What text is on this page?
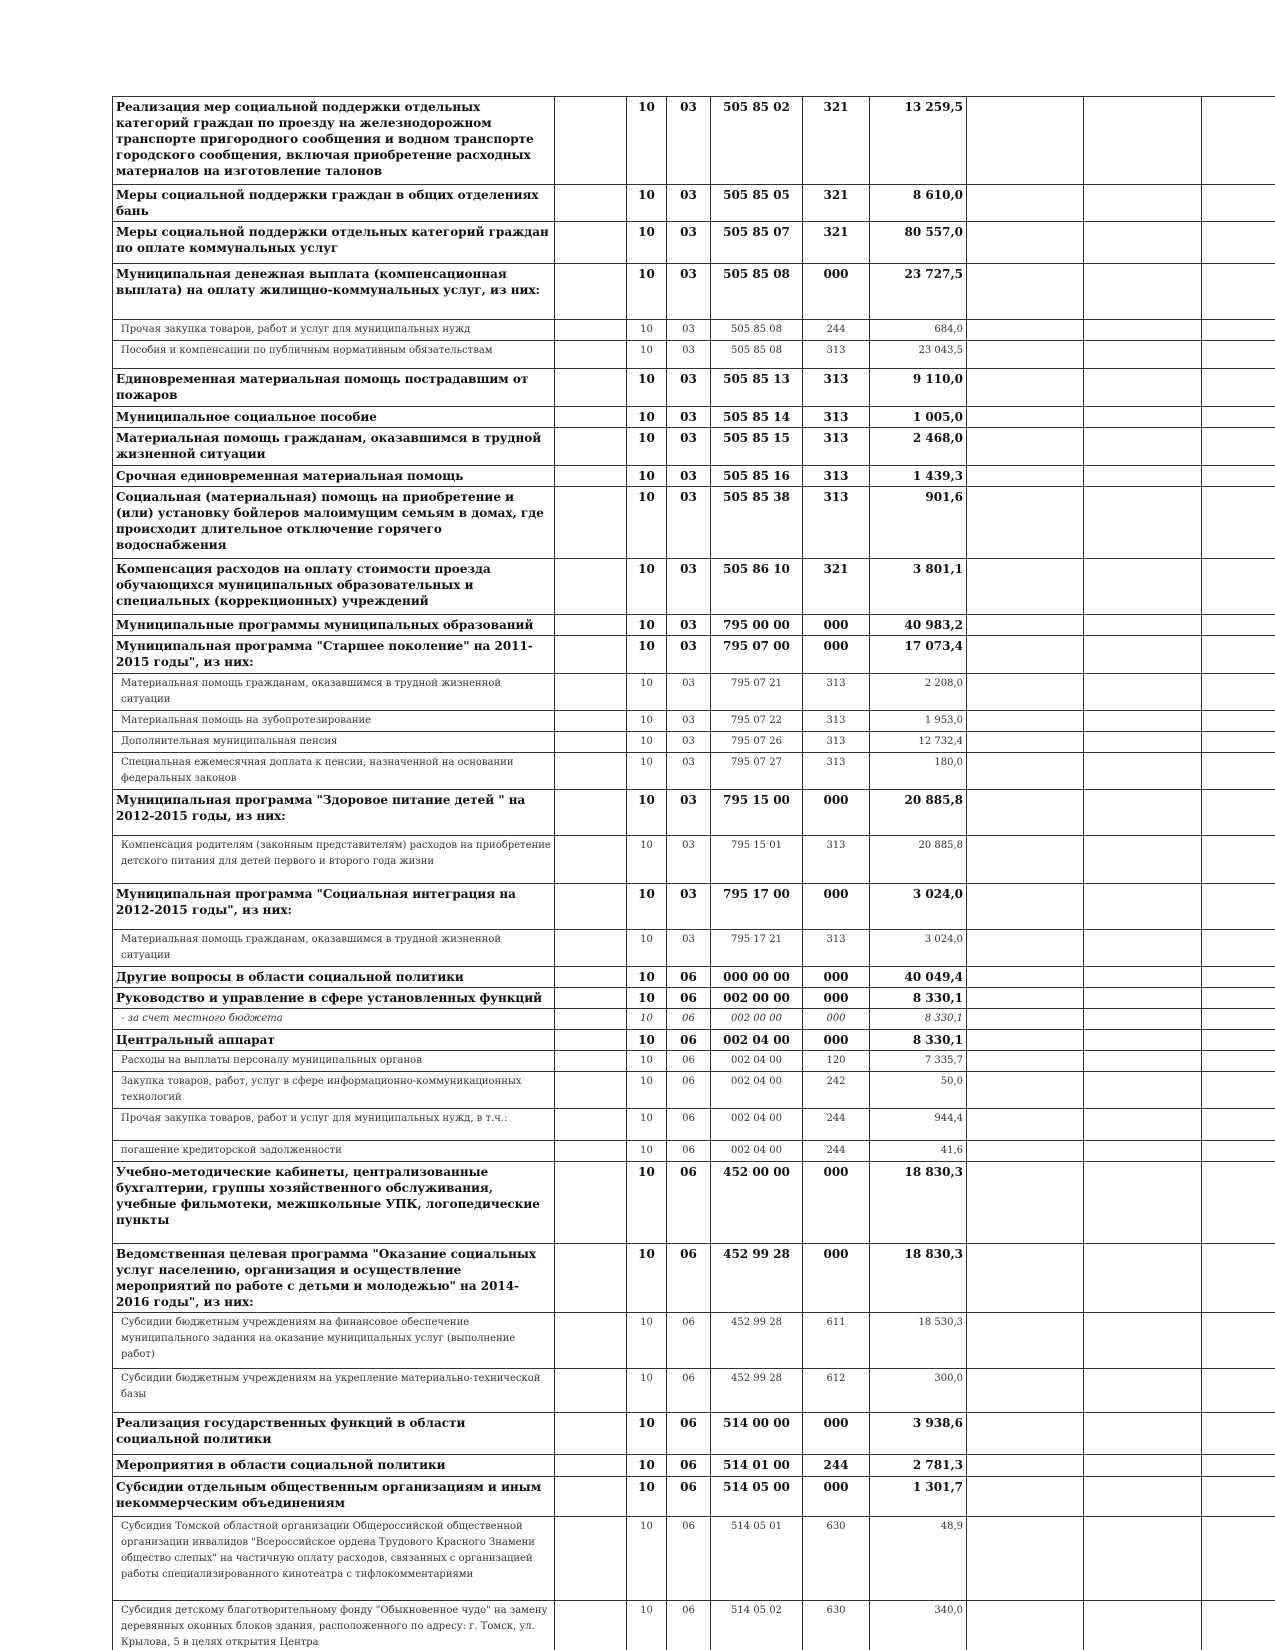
Реализация мер социальной поддержки отдельных категорий граждан по проезду на железнодорожном транспорте пригородного сообщения и водном транспорте городского сообщения, включая приобретение расходных материалов на изготовление талонов		10	03	505 85 02	321	13 259,5				
Меры социальной поддержки граждан в общих отделениях бань		10	03	505 85 05	321	8 610,0				
Меры социальной поддержки отдельных категорий граждан по оплате коммунальных услуг		10	03	505 85 07	321	80 557,0				
Муниципальная денежная выплата (компенсационная выплата) на оплату жилищно-коммунальных услуг, из них:		10	03	505 85 08	000	23 727,5				
Прочая закупка товаров, работ и услуг для муниципальных нужд		10	03	505 85 08	244	684,0				
Пособия и компенсации по публичным нормативным обязательствам		10	03	505 85 08	313	23 043,5				
Единовременная материальная помощь пострадавшим от пожаров		10	03	505 85 13	313	9 110,0				
Муниципальное социальное пособие		10	03	505 85 14	313	1 005,0				
Материальная помощь гражданам, оказавшимся в трудной жизненной ситуации		10	03	505 85 15	313	2 468,0				
Срочная единовременная материальная помощь		10	03	505 85 16	313	1 439,3				
Социальная (материальная) помощь на приобретение и (или) установку бойлеров малоимущим семьям в домах, где происходит длительное отключение горячего водоснабжения		10	03	505 85 38	313	901,6				
Компенсация расходов на оплату стоимости проезда обучающихся муниципальных образовательных и специальных (коррекционных) учреждений		10	03	505 86 10	321	3 801,1				
Муниципальные программы муниципальных образований		10	03	795 00 00	000	40 983,2				
Муниципальная программа "Старшее поколение" на 2011-2015 годы", из них:		10	03	795 07 00	000	17 073,4				
Материальная помощь гражданам, оказавшимся в трудной жизненной ситуации		10	03	795 07 21	313	2 208,0				
Материальная помощь на зубопротезирование		10	03	795 07 22	313	1 953,0				
Дополнительная муниципальная пенсия		10	03	795 07 26	313	12 732,4				
Специальная ежемесячная доплата к пенсии, назначенной на основании федеральных законов		10	03	795 07 27	313	180,0				
Муниципальная программа "Здоровое питание детей " на 2012-2015 годы, из них:		10	03	795 15 00	000	20 885,8				
Компенсация родителям (законным представителям) расходов на приобретение детского питания для детей первого и второго года жизни		10	03	795 15 01	313	20 885,8				
Муниципальная программа "Социальная интеграция на 2012-2015 годы", из них:		10	03	795 17 00	000	3 024,0				
Материальная помощь гражданам, оказавшимся в трудной жизненной ситуации		10	03	795 17 21	313	3 024,0				
Другие вопросы в области социальной политики		10	06	000 00 00	000	40 049,4				
Руководство и управление в сфере установленных функций		10	06	002 00 00	000	8 330,1				
- за счет местного бюджета		10	06	002 00 00	000	8 330,1				
Центральный аппарат		10	06	002 04 00	000	8 330,1				
Расходы на выплаты персоналу муниципальных органов		10	06	002 04 00	120	7 335,7				
Закупка товаров, работ, услуг в сфере информационно-коммуникационных технологий		10	06	002 04 00	242	50,0				
Прочая закупка товаров, работ и услуг для муниципальных нужд, в т.ч.:		10	06	002 04 00	244	944,4				
погашение кредиторской задолженности		10	06	002 04 00	244	41,6				
Учебно-методические кабинеты, централизованные бухгалтерии, группы хозяйственного обслуживания, учебные фильмотеки, межшкольные УПК, логопедические пункты		10	06	452 00 00	000	18 830,3				
Ведомственная целевая программа "Оказание социальных услуг населению, организация и осуществление мероприятий по работе с детьми и молодежью" на 2014-2016 годы", из них:		10	06	452 99 28	000	18 830,3				
Субсидии бюджетным учреждениям на финансовое обеспечение муниципального задания на оказание муниципальных услуг (выполнение работ)		10	06	452 99 28	611	18 530,3				
Субсидии бюджетным учреждениям на укрепление материально-технической базы		10	06	452 99 28	612	300,0				
Реализация государственных функций в области социальной политики		10	06	514 00 00	000	3 938,6				
Мероприятия в области социальной политики		10	06	514 01 00	244	2 781,3				
Субсидии отдельным общественным организациям и иным некоммерческим объединениям		10	06	514 05 00	000	1 301,7				
Субсидия Томской областной организации Общероссийской общественной организации инвалидов "Всероссийское ордена Трудового Красного Знамени общество слепых" на частичную оплату расходов, связанных с организацией работы специализированного кинотеатра с тифлокомментариями		10	06	514 05 01	630	48,9				
Субсидия детскому благотворительному фонду "Обыкновенное чудо" на замену деревянных оконных блоков здания, расположенного по адресу: г. Томск, ул. Крылова, 5 в целях открытия Центра		10	06	514 05 02	630	340,0				
